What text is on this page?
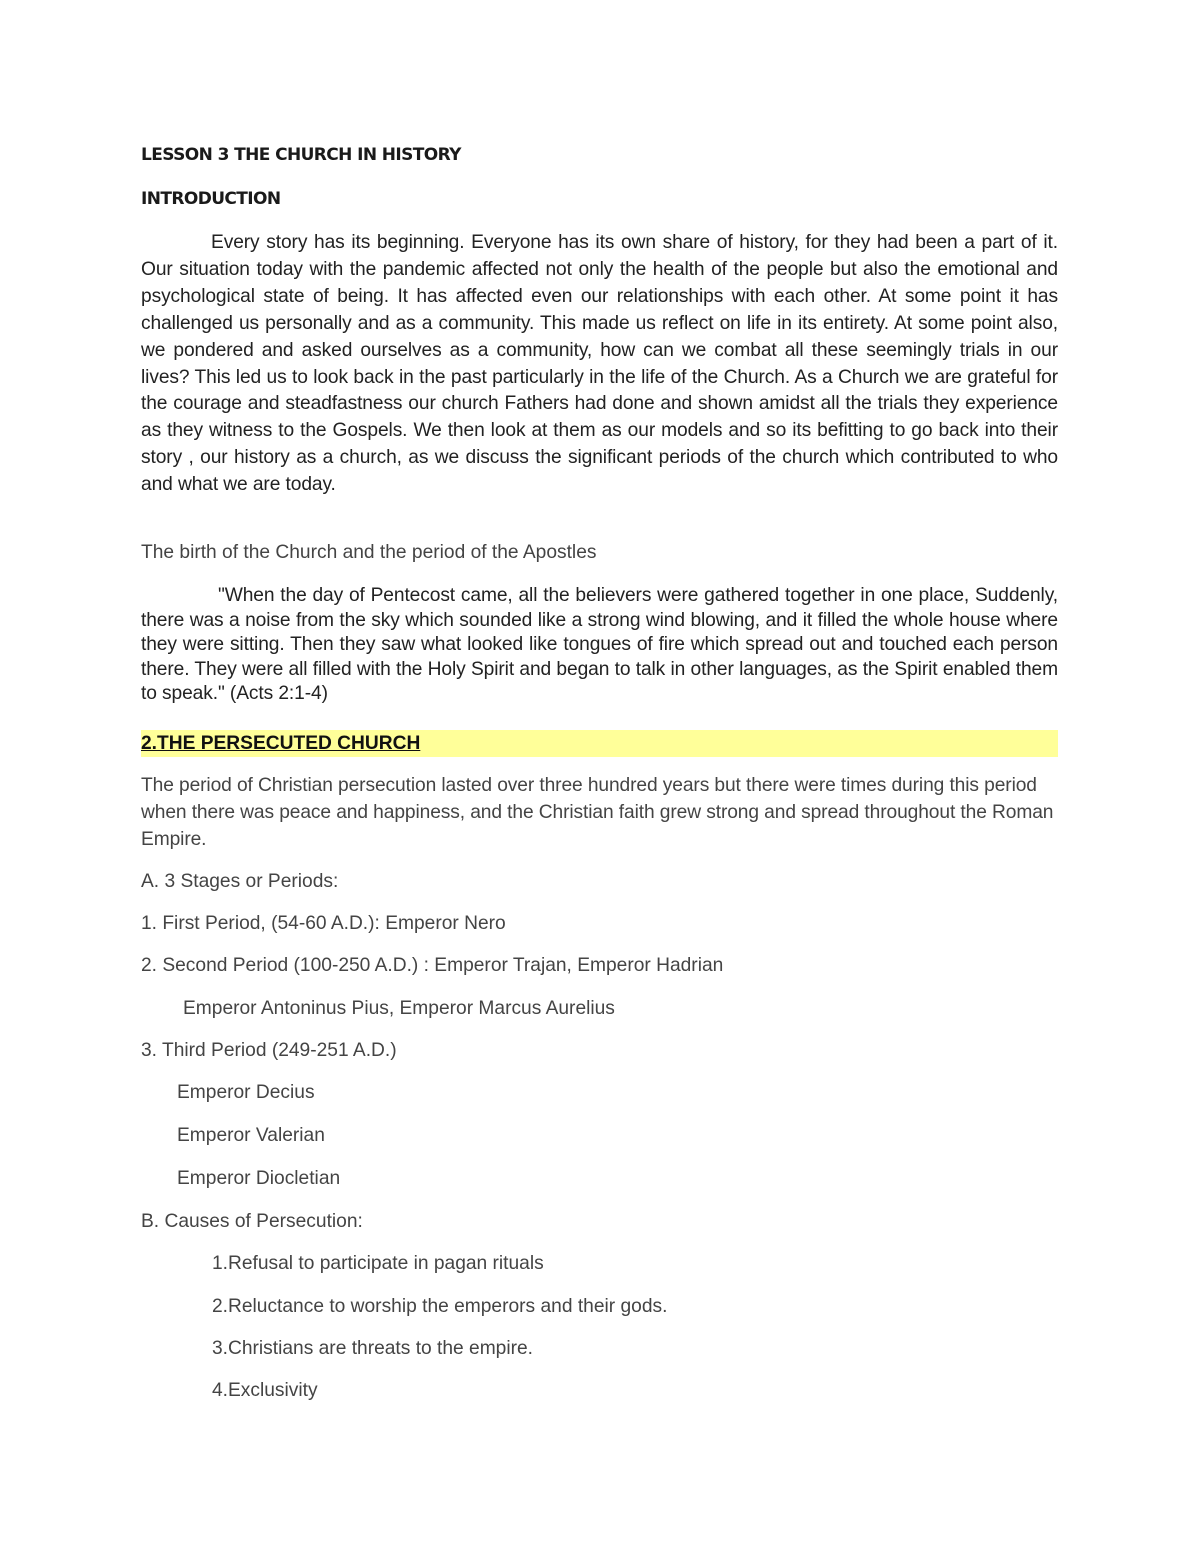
LESSON 3 THE CHURCH IN HISTORY

INTRODUCTION

Every story has its beginning. Everyone has its own share of history, for they had been a part of it. Our situation today with the pandemic affected not only the health of the people but also the emotional and psychological state of being. It has affected even our relationships with each other. At some point it has challenged us personally and as a community. This made us reflect on life in its entirety. At some point also, we pondered and asked ourselves as a community, how can we combat all these seemingly trials in our lives? This led us to look back in the past particularly in the life of the Church. As a Church we are grateful for the courage and steadfastness our church Fathers had done and shown amidst all the trials they experience as they witness to the Gospels. We then look at them as our models and so its befitting to go back into their story , our history as a church, as we discuss the significant periods of the church which contributed to who and what we are today.

The birth of the Church and the period of the Apostles

"When the day of Pentecost came, all the believers were gathered together in one place, Suddenly, there was a noise from the sky which sounded like a strong wind blowing, and it filled the whole house where they were sitting. Then they saw what looked like tongues of fire which spread out and touched each person there. They were all filled with the Holy Spirit and began to talk in other languages, as the Spirit enabled them to speak." (Acts 2:1-4)

2.THE PERSECUTED CHURCH

The period of Christian persecution lasted over three hundred years but there were times during this period when there was peace and happiness, and the Christian faith grew strong and spread throughout the Roman Empire.

A. 3 Stages or Periods:

1. First Period, (54-60 A.D.): Emperor Nero

2. Second Period (100-250 A.D.) : Emperor Trajan, Emperor Hadrian

Emperor Antoninus Pius, Emperor Marcus Aurelius

3. Third Period (249-251 A.D.)

Emperor Decius

Emperor Valerian

Emperor Diocletian

B. Causes of Persecution:

1.Refusal to participate in pagan rituals

2.Reluctance to worship the emperors and their gods.

3.Christians are threats to the empire.

4.Exclusivity
